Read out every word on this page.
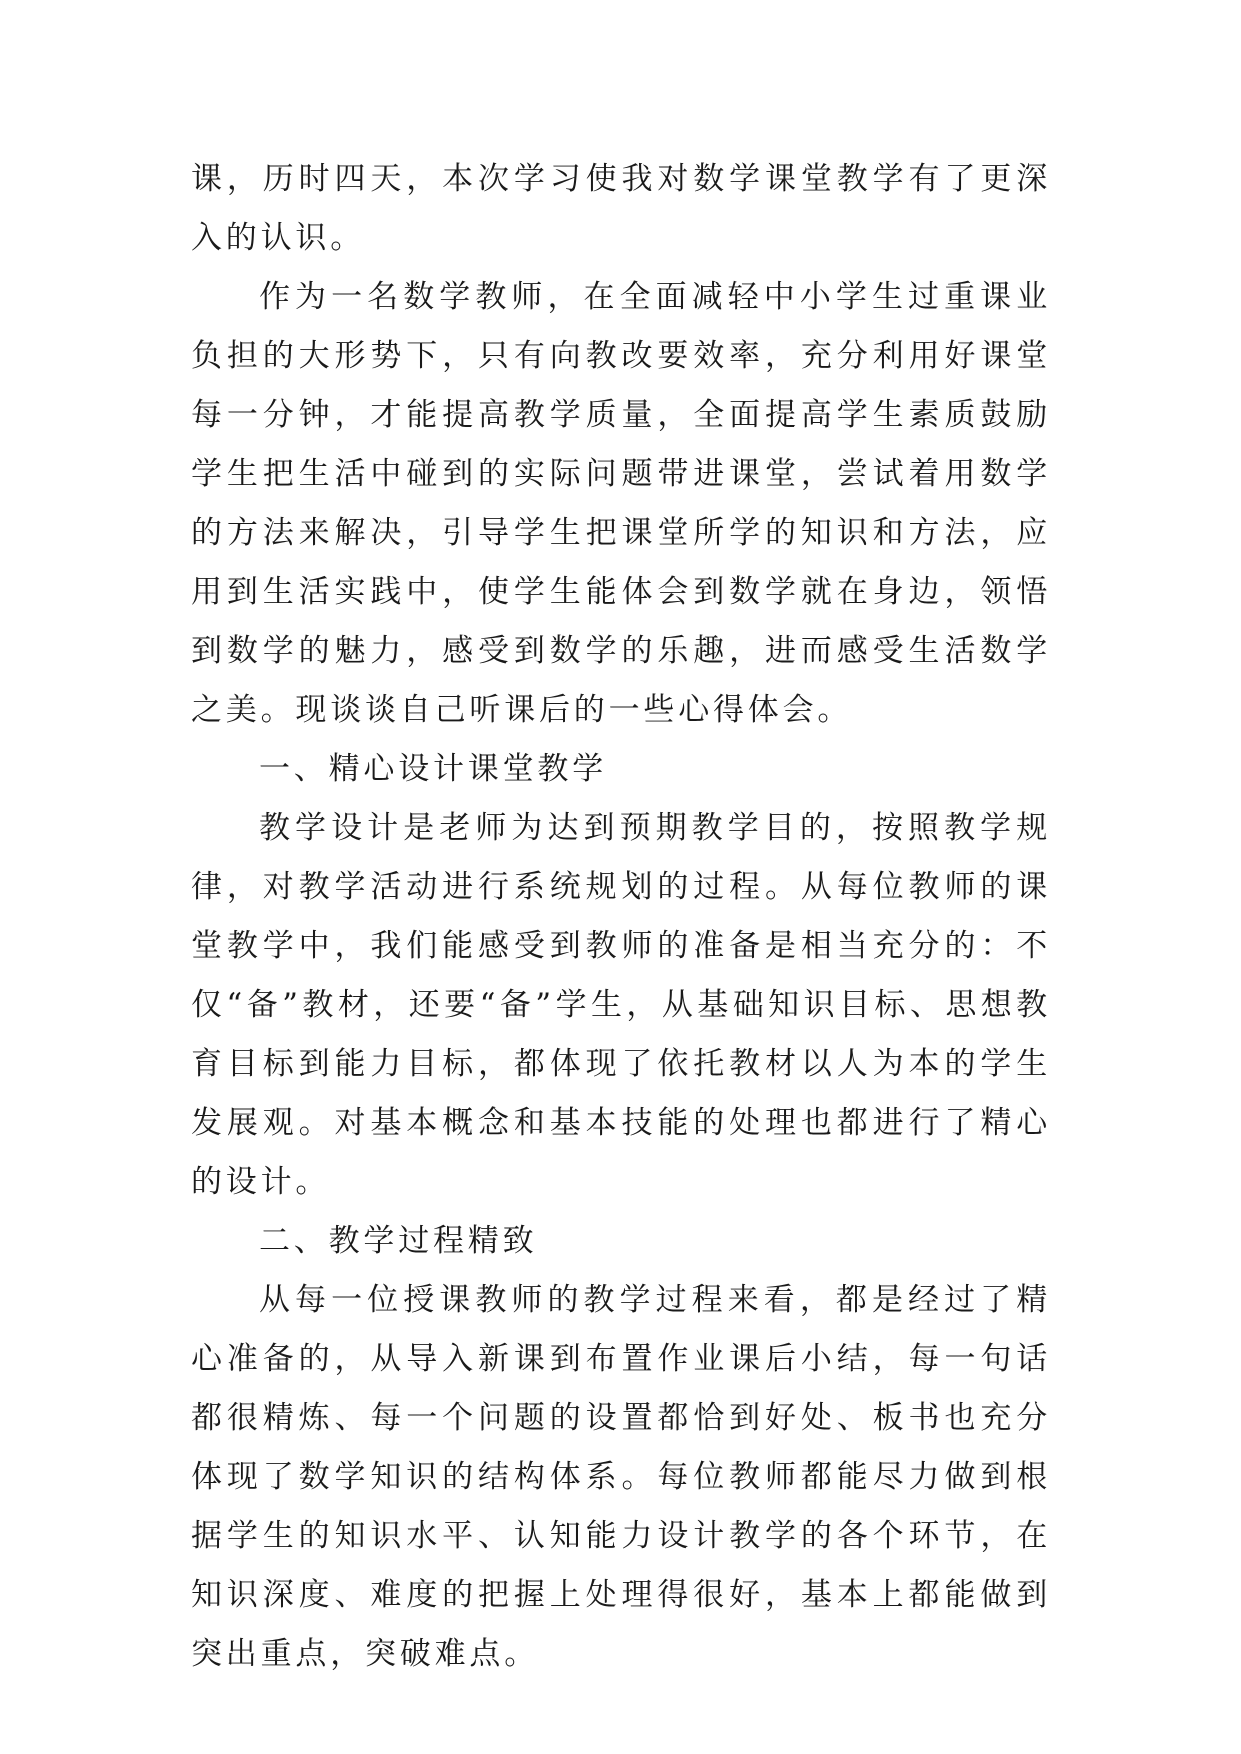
课，历时四天，本次学习使我对数学课堂教学有了更深入的认识。

作为一名数学教师，在全面减轻中小学生过重课业负担的大形势下，只有向教改要效率，充分利用好课堂每一分钟，才能提高教学质量，全面提高学生素质鼓励学生把生活中碰到的实际问题带进课堂，尝试着用数学的方法来解决，引导学生把课堂所学的知识和方法，应用到生活实践中，使学生能体会到数学就在身边，领悟到数学的魅力，感受到数学的乐趣，进而感受生活数学之美。现谈谈自己听课后的一些心得体会。

一、精心设计课堂教学

教学设计是老师为达到预期教学目的，按照教学规律，对教学活动进行系统规划的过程。从每位教师的课堂教学中，我们能感受到教师的准备是相当充分的：不仅“备”教材，还要“备”学生，从基础知识目标、思想教育目标到能力目标，都体现了依托教材以人为本的学生发展观。对基本概念和基本技能的处理也都进行了精心的设计。

二、教学过程精致

从每一位授课教师的教学过程来看，都是经过了精心准备的，从导入新课到布置作业课后小结，每一句话都很精炼、每一个问题的设置都恰到好处、板书也充分体现了数学知识的结构体系。每位教师都能尽力做到根据学生的知识水平、认知能力设计教学的各个环节，在知识深度、难度的把握上处理得很好，基本上都能做到突出重点，突破难点。
